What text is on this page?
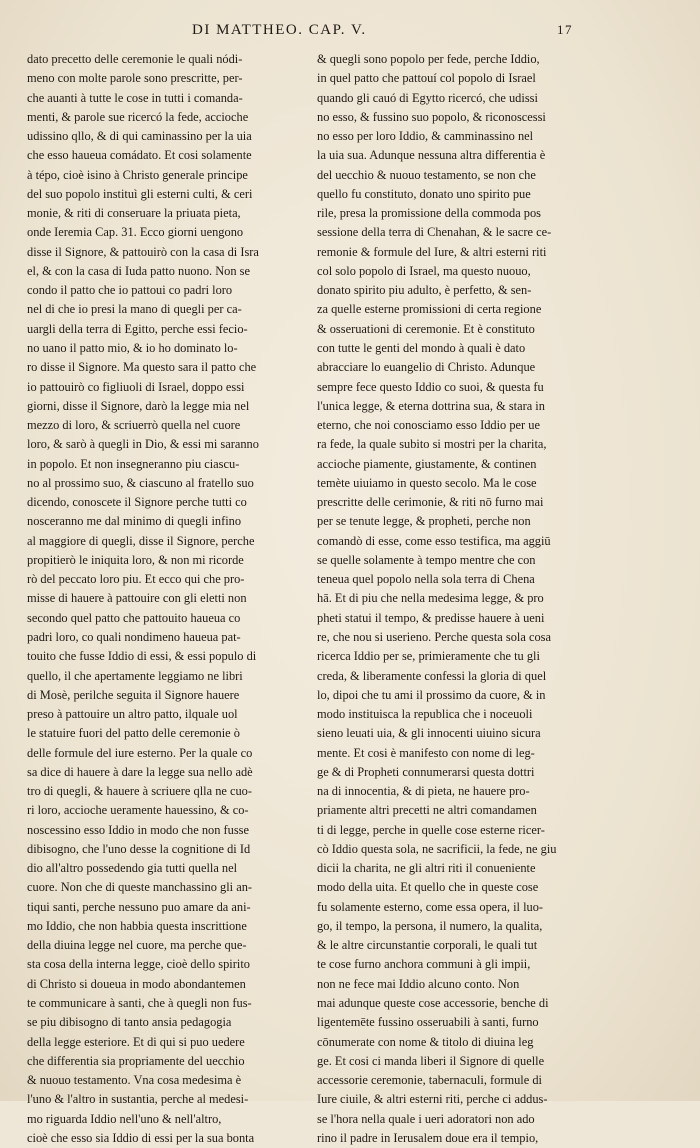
DI MATTHEO. CAP. V.	17
dato precetto delle ceremonie le quali nódi-
meno con molte parole sono prescritte, per-
che auanti à tutte le cose in tutti i comanda-
menti, & parole sue ricercó la fede, accioche
udissino qllo, & di qui caminassino per la uia
che esso haueua comádato. Et cosi solamente
à tépo, cioè isino à Christo generale principe
del suo popolo instituì gli esterni culti, & ceri
monie, & riti di conseruare la priuata pieta,
onde Ieremia Cap. 31. Ecco giorni uengono
disse il Signore, & pattouirò con la casa di Isra
el, & con la casa di Iuda patto nuono. Non se
condo il patto che io pattoui co padri loro
nel di che io presi la mano di quegli per ca-
uargli della terra di Egitto, perche essi fecio-
no uano il patto mio, & io ho dominato lo-
ro disse il Signore. Ma questo sara il patto che
io pattouirò co figliuoli di Israel, doppo essi
giorni, disse il Signore, darò la legge mia nel
mezzo di loro, & scriuerrò quella nel cuore
loro, & sarò à quegli in Dio, & essi mi saranno
in popolo. Et non insegneranno piu ciascu-
no al prossimo suo, & ciascuno al fratello suo
dicendo, conoscete il Signore perche tutti co
nosceranno me dal minimo di quegli infino
al maggiore di quegli, disse il Signore, perche
propitierò le iniquita loro, & non mi ricorde
rò del peccato loro piu. Et ecco qui che pro-
misse di hauere à pattouire con gli eletti non
secondo quel patto che pattouito haueua co
padri loro, co quali nondimeno haueua pat-
touito che fusse Iddio di essi, & essi populo di
quello, il che apertamente leggiamo ne libri
di Mosè, perilche seguita il Signore hauere
preso à pattouire un altro patto, ilquale uol
le statuire fuori del patto delle ceremonie ò
delle formule del iure esterno. Per la quale co
sa dice di hauere à dare la legge sua nello adè
tro di quegli, & hauere à scriuere qlla ne cuo-
ri loro, accioche ueramente hauessino, & co-
noscessino esso Iddio in modo che non fusse
dibisogno, che l'uno desse la cognitione di Id
dio all'altro possedendo gia tutti quella nel
cuore. Non che di queste manchassino gli an-
tiqui santi, perche nessuno puo amare da ani-
mo Iddio, che non habbia questa inscrittione
della diuina legge nel cuore, ma perche que-
sta cosa della interna legge, cioè dello spirito
di Christo si doueua in modo abondantemen
te communicare à santi, che à quegli non fus-
se piu dibisogno di tanto ansia pedagogia
della legge esteriore. Et di qui si puo uedere
che differentia sia propriamente del uecchio
& nuouo testamento. Vna cosa medesima è
l'uno & l'altro in sustantia, perche al medesi-
mo riguarda Iddio nell'uno & nell'altro,
cioè che esso sia Iddio di essi per la sua bonta
& quegli sono popolo per fede, perche Iddio,
in quel patto che pattouí col popolo di Israel
quando gli cauó di Egytto ricercó, che udissi
no esso, & fussino suo popolo, & riconoscessi
no esso per loro Iddio, & camminassino nel
la uia sua. Adunque nessuna altra differentia è
del uecchio & nuouo testamento, se non che
quello fu constituto, donato uno spirito pue
rile, presa la promissione della commoda pos
sessione della terra di Chenahan, & le sacre ce-
remonie & formule del Iure, & altri esterni riti
col solo popolo di Israel, ma questo nuouo,
donato spirito piu adulto, è perfetto, & sen-
za quelle esterne promissioni di certa regione
& osseruationi di ceremonie. Et è constituto
con tutte le genti del mondo à quali è dato
abracciare lo euangelio di Christo. Adunque
sempre fece questo Iddio co suoi, & questa fu
l'unica legge, & eterna dottrina sua, & stara in
eterno, che noi conosciamo esso Iddio per ue
ra fede, la quale subito si mostri per la charita,
accioche piamente, giustamente, & continen
temète uiuiamo in questo secolo. Ma le cose
prescritte delle cerimonie, & riti nō furno mai
per se tenute legge, & propheti, perche non
comandò di esse, come esso testifica, ma aggiū
se quelle solamente à tempo mentre che con
teneua quel popolo nella sola terra di Chena
hā. Et di piu che nella medesima legge, & pro
pheti statui il tempo, & predisse hauere à ueni
re, che nou si userieno. Perche questa sola cosa
ricerca Iddio per se, primieramente che tu gli
creda, & liberamente confessi la gloria di quel
lo, dipoi che tu ami il prossimo da cuore, & in
modo instituisca la republica che i noceuoli
sieno leuati uia, & gli innocenti uiuino sicura
mente. Et cosi è manifesto con nome di leg-
ge & di Propheti connumerarsi questa dottri
na di innocentia, & di pieta, ne hauere pro-
priamente altri precetti ne altri comandamen
ti di legge, perche in quelle cose esterne ricer-
cò Iddio questa sola, ne sacrificii, la fede, ne giu
dicii la charita, ne gli altri riti il conueniente
modo della uita. Et quello che in queste cose
fu solamente esterno, come essa opera, il luo-
go, il tempo, la persona, il numero, la qualita,
& le altre circunstantie corporali, le quali tut
te cose furno anchora communi à gli impii,
non ne fece mai Iddio alcuno conto. Non
mai adunque queste cose accessorie, benche di
ligentemēte fussino osseruabili à santi, furno
cōnumerate con nome & titolo di diuina leg
ge. Et cosi ci manda liberi il Signore di quelle
accessorie ceremonie, tabernaculi, formule di
Iure ciuile, & altri esterni riti, perche ci addus-
se l'hora nella quale i ueri adoratori non ado
rino il padre in Ierusalem doue era il tempio,
